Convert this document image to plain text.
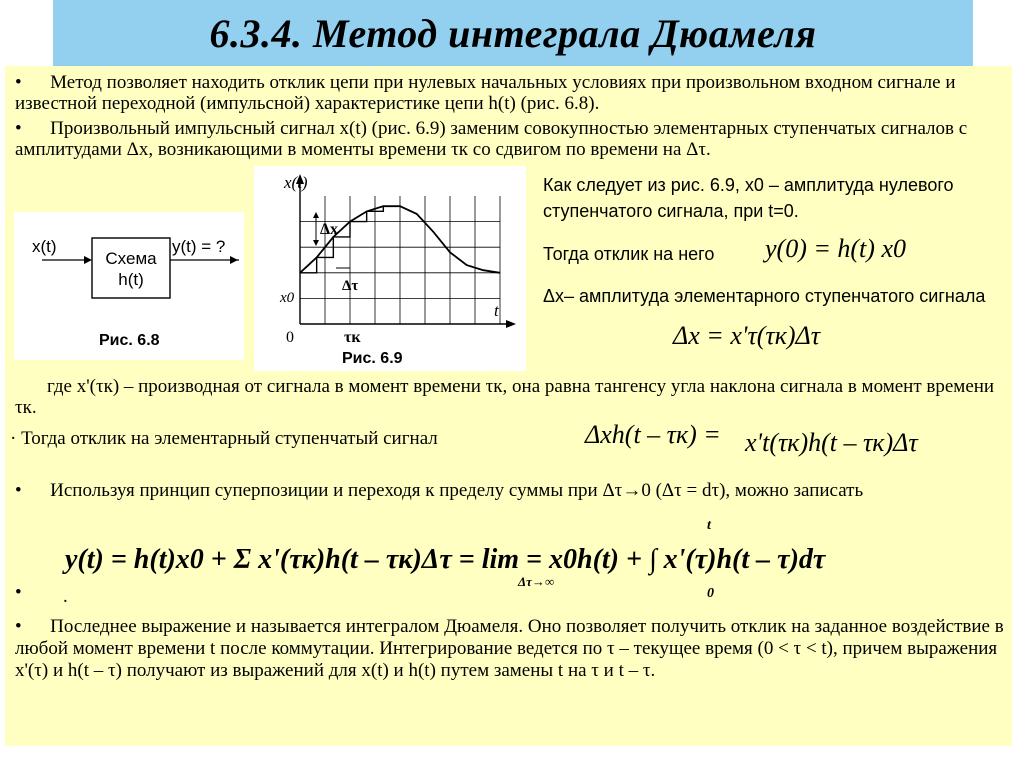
6.3.4. Метод интеграла Дюамеля
• Метод позволяет находить отклик цепи при нулевых начальных условиях при произвольном входном сигнале и известной переходной (импульсной) характеристике цепи h(t) (рис. 6.8).
• Произвольный импульсный сигнал x(t) (рис. 6.9) заменим совокупностью элементарных ступенчатых сигналов с амплитудами Δx, возникающими в моменты времени τк со сдвигом по времени на Δτ.
x(t)
Схема
h(t)
y(t) = ?
Рис. 6.8
x(t)
Δx
Δτ
x0
0	τк
t
Рис. 6.9
Как следует из рис. 6.9, x0 – амплитуда нулевого ступенчатого сигнала, при t=0.
Тогда отклик на него y(0) = h(t) x0
Δx– амплитуда элементарного ступенчатого сигнала
Δx = x'τ(τк)Δτ
где x'(τк) – производная от сигнала в момент времени τк, она равна тангенсу угла наклона сигнала в момент времени τк.
· Тогда отклик на элементарный ступенчатый сигнал	Δxh(t – τк) = x't(τк)h(t – τк)Δτ
• Используя принцип суперпозиции и переходя к пределу суммы при Δτ→0 (Δτ = dτ), можно записать
y(t) = h(t)x0 + Σ x'(τк)h(t – τк)Δτ = lim = x0h(t) + ∫ x'(τ)h(t – τ)dτ
Δτ→∞
t
0
• .
• Последнее выражение и называется интегралом Дюамеля. Оно позволяет получить отклик на заданное воздействие в любой момент времени t после коммутации. Интегрирование ведется по τ – текущее время (0 < τ < t), причем выражения x'(τ) и h(t – τ) получают из выражений для x(t) и h(t) путем замены t на τ и t – τ.
